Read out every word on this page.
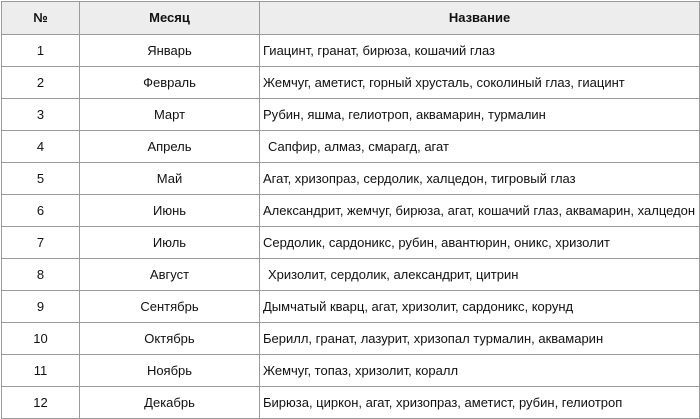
№	Месяц	Название
1	Январь	Гиацинт, гранат, бирюза, кошачий глаз
2	Февраль	Жемчуг, аметист, горный хрусталь, соколиный глаз, гиацинт
3	Март	Рубин, яшма, гелиотроп, аквамарин, турмалин
4	Апрель	Сапфир, алмаз, смарагд, агат
5	Май	Агат, хризопраз, сердолик, халцедон, тигровый глаз
6	Июнь	Александрит, жемчуг, бирюза, агат, кошачий глаз, аквамарин, халцедон
7	Июль	Сердолик, сардоникс, рубин, авантюрин, оникс, хризолит
8	Август	Хризолит, сердолик, александрит, цитрин
9	Сентябрь	Дымчатый кварц, агат, хризолит, сардоникс, корунд
10	Октябрь	Берилл, гранат, лазурит, хризопал турмалин, аквамарин
11	Ноябрь	Жемчуг, топаз, хризолит, коралл
12	Декабрь	Бирюза, циркон, агат, хризопраз, аметист, рубин, гелиотроп
